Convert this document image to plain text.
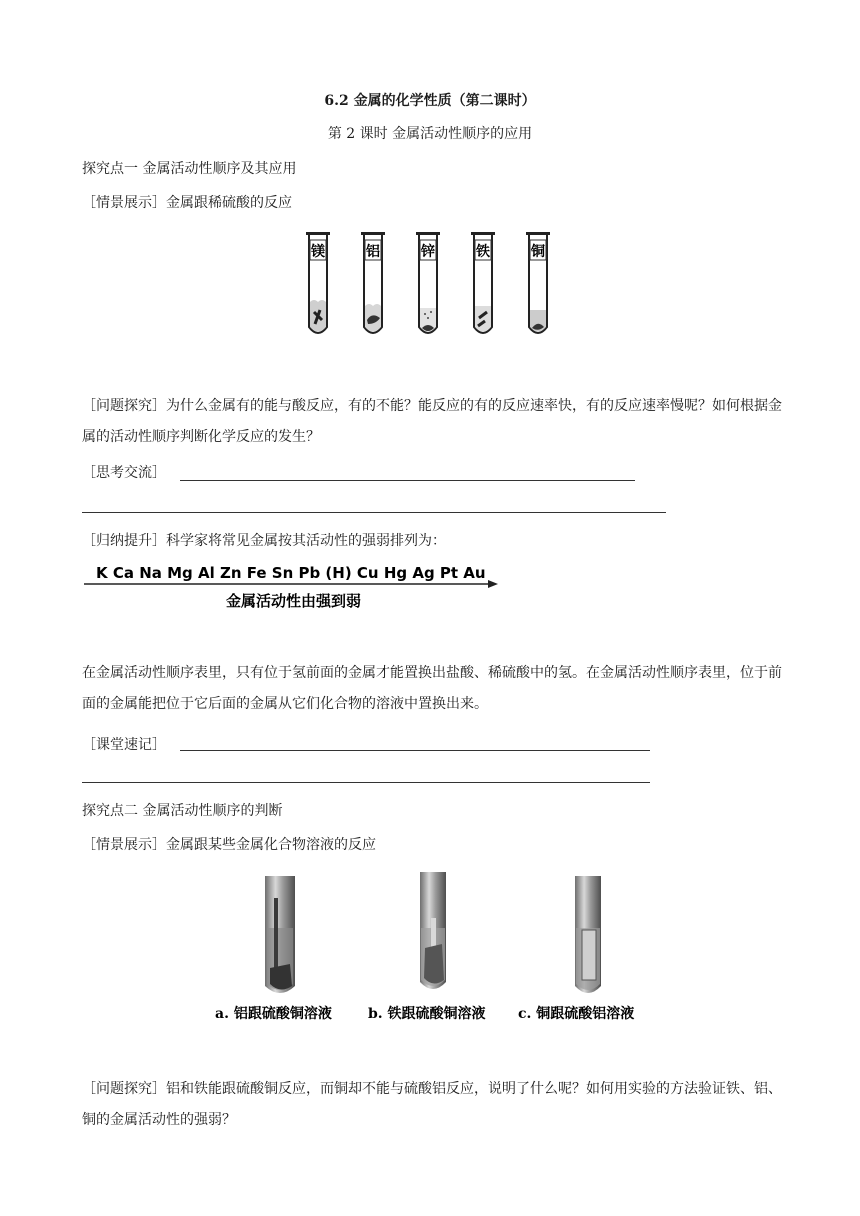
6.2 金属的化学性质（第二课时）
第 2 课时 金属活动性顺序的应用
探究点一 金属活动性顺序及其应用
［情景展示］金属跟稀硫酸的反应
镁	铝	锌	铁	铜
［问题探究］为什么金属有的能与酸反应，有的不能？能反应的有的反应速率快，有的反应速率慢呢？如何根据金属的活动性顺序判断化学反应的发生？
［思考交流］
［归纳提升］科学家将常见金属按其活动性的强弱排列为：
K Ca Na Mg Al Zn Fe Sn Pb (H) Cu Hg Ag Pt Au
金属活动性由强到弱
在金属活动性顺序表里，只有位于氢前面的金属才能置换出盐酸、稀硫酸中的氢。在金属活动性顺序表里，位于前面的金属能把位于它后面的金属从它们化合物的溶液中置换出来。
［课堂速记］
探究点二 金属活动性顺序的判断
［情景展示］金属跟某些金属化合物溶液的反应
a. 铝跟硫酸铜溶液	b. 铁跟硫酸铜溶液 c. 铜跟硫酸铝溶液
［问题探究］铝和铁能跟硫酸铜反应，而铜却不能与硫酸铝反应，说明了什么呢？如何用实验的方法验证铁、铝、铜的金属活动性的强弱？
